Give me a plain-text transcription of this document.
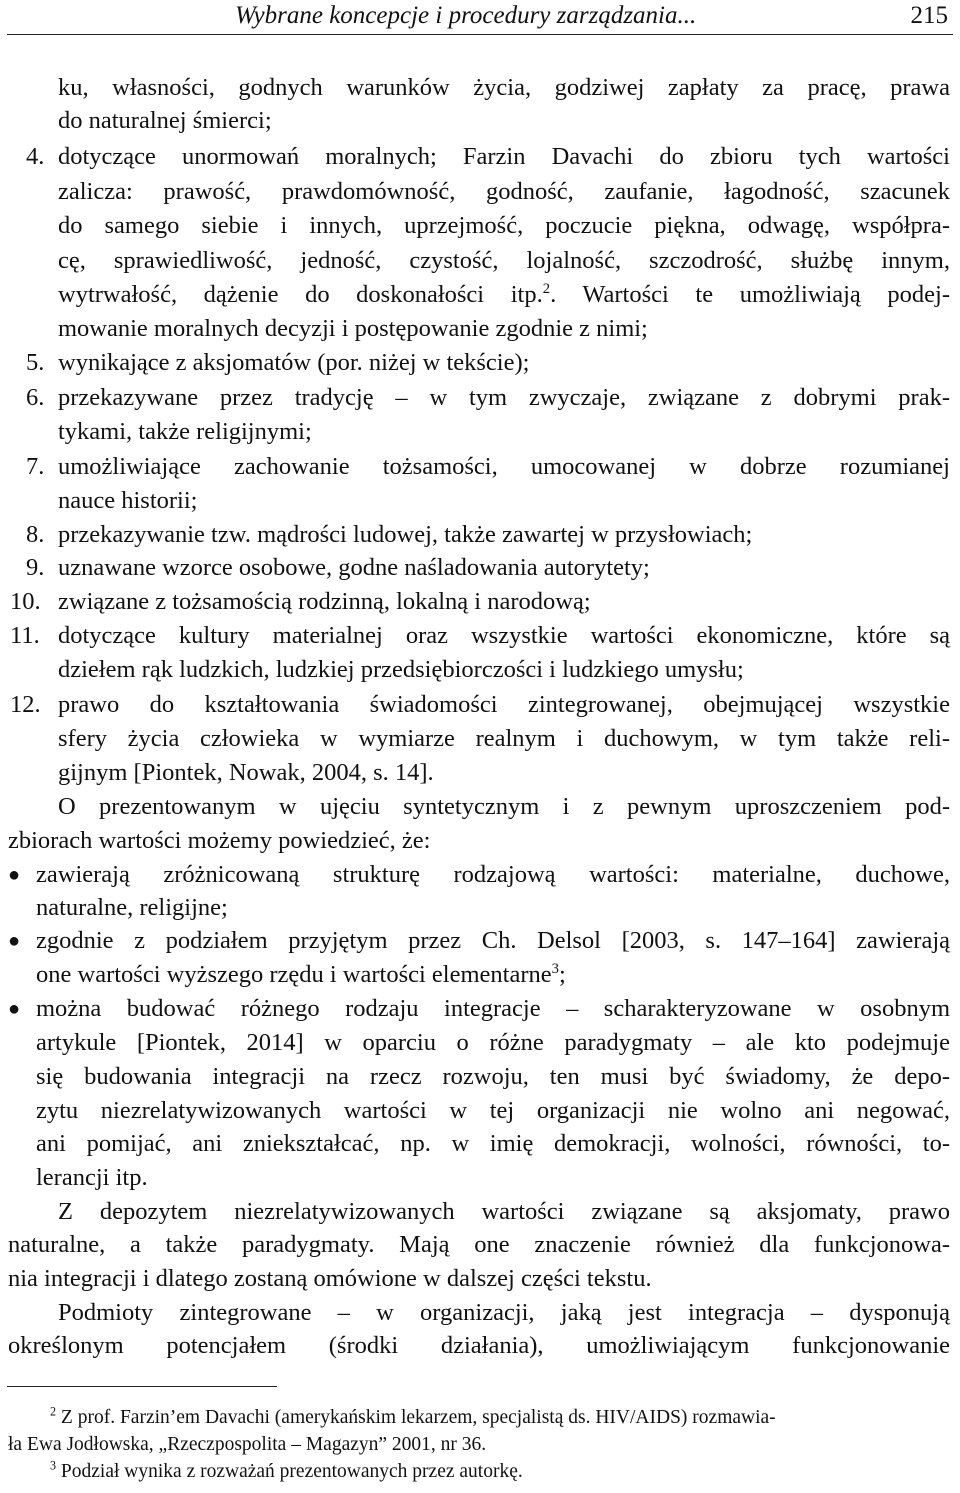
Wybrane koncepcje i procedury zarządzania...	215
ku, własności, godnych warunków życia, godziwej zapłaty za pracę, prawa
do naturalnej śmierci;
4. dotyczące unormowań moralnych; Farzin Davachi do zbioru tych wartości
zalicza: prawość, prawdomówność, godność, zaufanie, łagodność, szacunek
do samego siebie i innych, uprzejmość, poczucie piękna, odwagę, współpra-
cę, sprawiedliwość, jedność, czystość, lojalność, szczodrość, służbę innym,
wytrwałość, dążenie do doskonałości itp.$^2$. Wartości te umożliwiają podej-
mowanie moralnych decyzji i postępowanie zgodnie z nimi;
5. wynikające z aksjomatów (por. niżej w tekście);
6. przekazywane przez tradycję – w tym zwyczaje, związane z dobrymi prak-
tykami, także religijnymi;
7. umożliwiające zachowanie tożsamości, umocowanej w dobrze rozumianej
nauce historii;
8. przekazywanie tzw. mądrości ludowej, także zawartej w przysłowiach;
9. uznawane wzorce osobowe, godne naśladowania autorytety;
10. związane z tożsamością rodzinną, lokalną i narodową;
11. dotyczące kultury materialnej oraz wszystkie wartości ekonomiczne, które są
dziełem rąk ludzkich, ludzkiej przedsiębiorczości i ludzkiego umysłu;
12. prawo do kształtowania świadomości zintegrowanej, obejmującej wszystkie
sfery życia człowieka w wymiarze realnym i duchowym, w tym także reli-
gijnym [Piontek, Nowak, 2004, s. 14].
O prezentowanym w ujęciu syntetycznym i z pewnym uproszczeniem pod-
zbiorach wartości możemy powiedzieć, że:
● zawierają zróżnicowaną strukturę rodzajową wartości: materialne, duchowe,
naturalne, religijne;
● zgodnie z podziałem przyjętym przez Ch. Delsol [2003, s. 147–164] zawierają
one wartości wyższego rzędu i wartości elementarne$^3$;
● można budować różnego rodzaju integracje – scharakteryzowane w osobnym
artykule [Piontek, 2014] w oparciu o różne paradygmaty – ale kto podejmuje
się budowania integracji na rzecz rozwoju, ten musi być świadomy, że depo-
zytu niezrelatywizowanych wartości w tej organizacji nie wolno ani negować,
ani pomijać, ani zniekształcać, np. w imię demokracji, wolności, równości, to-
lerancji itp.
Z depozytem niezrelatywizowanych wartości związane są aksjomaty, prawo
naturalne, a także paradygmaty. Mają one znaczenie również dla funkcjonowa-
nia integracji i dlatego zostaną omówione w dalszej części tekstu.
Podmioty zintegrowane – w organizacji, jaką jest integracja – dysponują
określonym potencjałem (środki działania), umożliwiającym funkcjonowanie
$^2$ Z prof. Farzin’em Davachi (amerykańskim lekarzem, specjalistą ds. HIV/AIDS) rozmawia-
ła Ewa Jodłowska, „Rzeczpospolita – Magazyn” 2001, nr 36.
$^3$ Podział wynika z rozważań prezentowanych przez autorkę.
